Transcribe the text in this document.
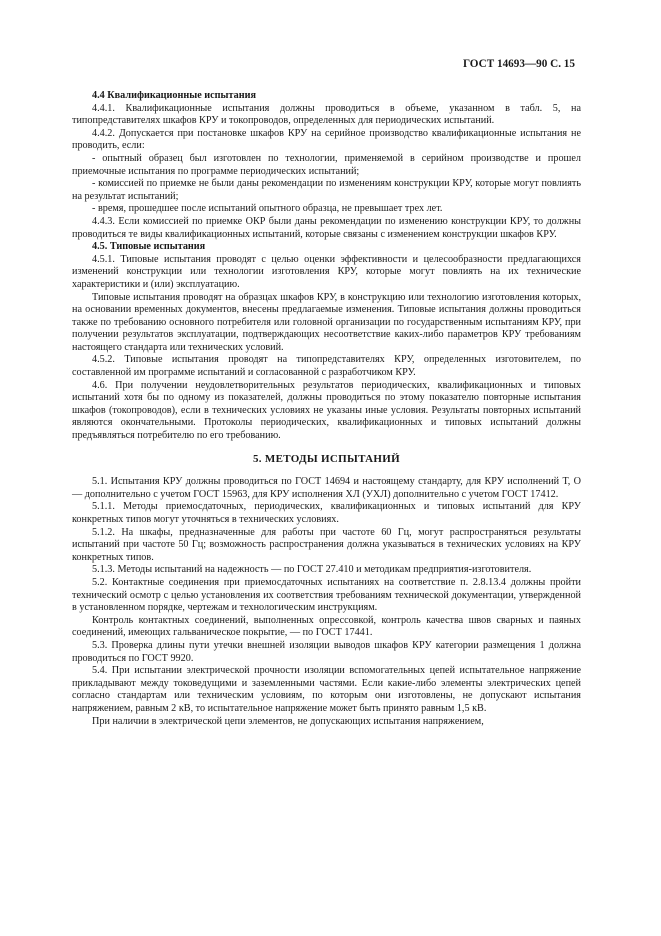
ГОСТ 14693—90 С. 15
4.4 Квалификационные испытания

4.4.1. Квалификационные испытания должны проводиться в объеме, указанном в табл. 5, на типопредставителях шкафов КРУ и токопроводов, определенных для периодических испытаний.

4.4.2. Допускается при постановке шкафов КРУ на серийное производство квалификационные испытания не проводить, если:

- опытный образец был изготовлен по технологии, применяемой в серийном производстве и прошел приемочные испытания по программе периодических испытаний;

- комиссией по приемке не были даны рекомендации по изменениям конструкции КРУ, которые могут повлиять на результат испытаний;

- время, прошедшее после испытаний опытного образца, не превышает трех лет.

4.4.3. Если комиссией по приемке ОКР были даны рекомендации по изменению конструкции КРУ, то должны проводиться те виды квалификационных испытаний, которые связаны с изменением конструкции шкафов КРУ.

4.5. Типовые испытания

4.5.1. Типовые испытания проводят с целью оценки эффективности и целесообразности предлагающихся изменений конструкции или технологии изготовления КРУ, которые могут повлиять на их технические характеристики и (или) эксплуатацию.

Типовые испытания проводят на образцах шкафов КРУ, в конструкцию или технологию изготовления которых, на основании временных документов, внесены предлагаемые изменения. Типовые испытания должны проводиться также по требованию основного потребителя или головной организации по государственным испытаниям КРУ, при получении результатов эксплуатации, подтверждающих несоответствие каких-либо параметров КРУ требованиям настоящего стандарта или технических условий.

4.5.2. Типовые испытания проводят на типопредставителях КРУ, определенных изготовителем, по составленной им программе испытаний и согласованной с разработчиком КРУ.

4.6. При получении неудовлетворительных результатов периодических, квалификационных и типовых испытаний хотя бы по одному из показателей, должны проводиться по этому показателю повторные испытания шкафов (токопроводов), если в технических условиях не указаны иные условия. Результаты повторных испытаний являются окончательными. Протоколы периодических, квалификационных и типовых испытаний должны предъявляться потребителю по его требованию.

5. МЕТОДЫ ИСПЫТАНИЙ

5.1. Испытания КРУ должны проводиться по ГОСТ 14694 и настоящему стандарту, для КРУ исполнений Т, О — дополнительно с учетом ГОСТ 15963, для КРУ исполнения ХЛ (УХЛ) дополнительно с учетом ГОСТ 17412.

5.1.1. Методы приемосдаточных, периодических, квалификационных и типовых испытаний для КРУ конкретных типов могут уточняться в технических условиях.

5.1.2. На шкафы, предназначенные для работы при частоте 60 Гц, могут распространяться результаты испытаний при частоте 50 Гц; возможность распространения должна указываться в технических условиях на КРУ конкретных типов.

5.1.3. Методы испытаний на надежность — по ГОСТ 27.410 и методикам предприятия-изготовителя.

5.2. Контактные соединения при приемосдаточных испытаниях на соответствие п. 2.8.13.4 должны пройти технический осмотр с целью установления их соответствия требованиям технической документации, утвержденной в установленном порядке, чертежам и технологическим инструкциям.

Контроль контактных соединений, выполненных опрессовкой, контроль качества швов сварных и паяных соединений, имеющих гальваническое покрытие, — по ГОСТ 17441.

5.3. Проверка длины пути утечки внешней изоляции выводов шкафов КРУ категории размещения 1 должна проводиться по ГОСТ 9920.

5.4. При испытании электрической прочности изоляции вспомогательных цепей испытательное напряжение прикладывают между токоведущими и заземленными частями. Если какие-либо элементы электрических цепей согласно стандартам или техническим условиям, по которым они изготовлены, не допускают испытания напряжением, равным 2 кВ, то испытательное напряжение может быть принято равным 1,5 кВ.

При наличии в электрической цепи элементов, не допускающих испытания напряжением,
